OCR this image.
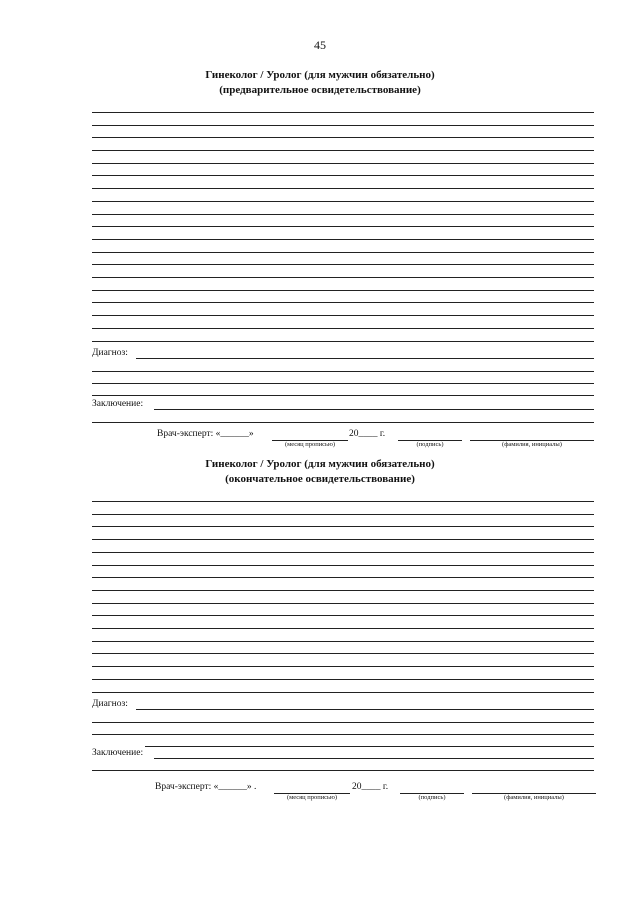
45
Гинеколог / Уролог (для мужчин обязательно)
(предварительное освидетельствование)
Диагноз:
Заключение:
Врач-эксперт: «______»
(месяц прописью)
20____ г.
(подпись)	(фамилия, инициалы)
Гинеколог / Уролог (для мужчин обязательно)
(окончательное освидетельствование)
Диагноз:
Заключение:
Врач-эксперт: «______» .
(месяц прописью)
20____ г.
(подпись)	(фамилия, инициалы)
